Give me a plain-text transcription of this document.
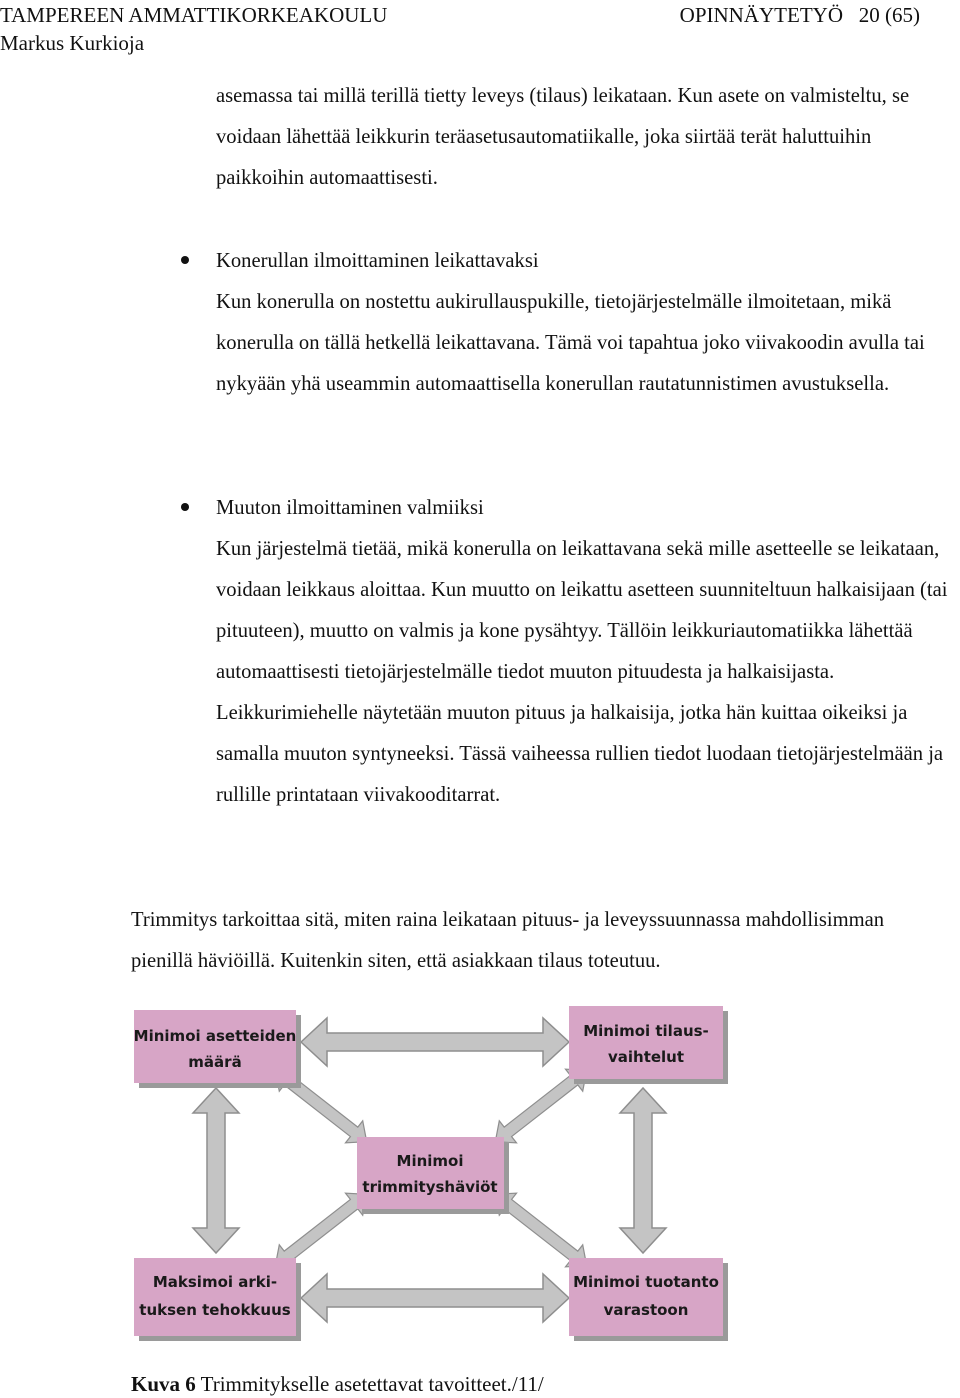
TAMPEREEN AMMATTIKORKEAKOULU	OPINNÄYTETYÖ 20 (65)
Markus Kurkioja

asemassa tai millä terillä tietty leveys (tilaus) leikataan. Kun asete on valmisteltu, se voidaan lähettää leikkurin teräasetusautomatiikalle, joka siirtää terät haluttuihin paikkoihin automaattisesti.

Konerullan ilmoittaminen leikattavaksi

Kun konerulla on nostettu aukirullauspukille, tietojärjestelmälle ilmoitetaan, mikä konerulla on tällä hetkellä leikattavana. Tämä voi tapahtua joko viivakoodin avulla tai nykyään yhä useammin automaattisella konerullan rautatunnistimen avustuksella.

Muuton ilmoittaminen valmiiksi

Kun järjestelmä tietää, mikä konerulla on leikattavana sekä mille asetteelle se leikataan, voidaan leikkaus aloittaa. Kun muutto on leikattu asetteen suunniteltuun halkaisijaan (tai pituuteen), muutto on valmis ja kone pysähtyy. Tällöin leikkuriautomatiikka lähettää automaattisesti tietojärjestelmälle tiedot muuton pituudesta ja halkaisijasta. Leikkurimiehelle näytetään muuton pituus ja halkaisija, jotka hän kuittaa oikeiksi ja samalla muuton syntyneeksi. Tässä vaiheessa rullien tiedot luodaan tietojärjestelmään ja rullille printataan viivakooditarrat.

Trimmitys tarkoittaa sitä, miten raina leikataan pituus- ja leveyssuunnassa mahdollisimman pienillä häviöillä. Kuitenkin siten, että asiakkaan tilaus toteutuu.

Minimoi asetteiden
määrä
Minimoi tilaus-
vaihtelut
Minimoi
trimmityshäviöt
Maksimoi arki-
tuksen tehokkuus
Minimoi tuotanto
varastoon
Kuva 6 Trimmitykselle asetettavat tavoitteet./11/
